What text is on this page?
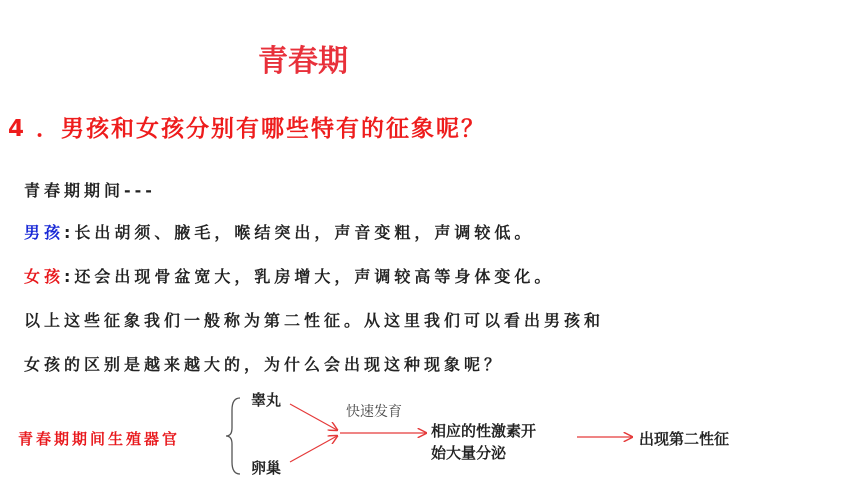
青春期
4 ．男孩和女孩分别有哪些特有的征象呢？
青春期期间---
男孩:长出胡须、腋毛，喉结突出，声音变粗，声调较低。
女孩:还会出现骨盆宽大，乳房增大，声调较高等身体变化。
以上这些征象我们一般称为第二性征。从这里我们可以看出男孩和
女孩的区别是越来越大的，为什么会出现这种现象呢？
青春期期间生殖器官
睾丸
卵巢
快速发育
相应的性激素开
始大量分泌
出现第二性征
